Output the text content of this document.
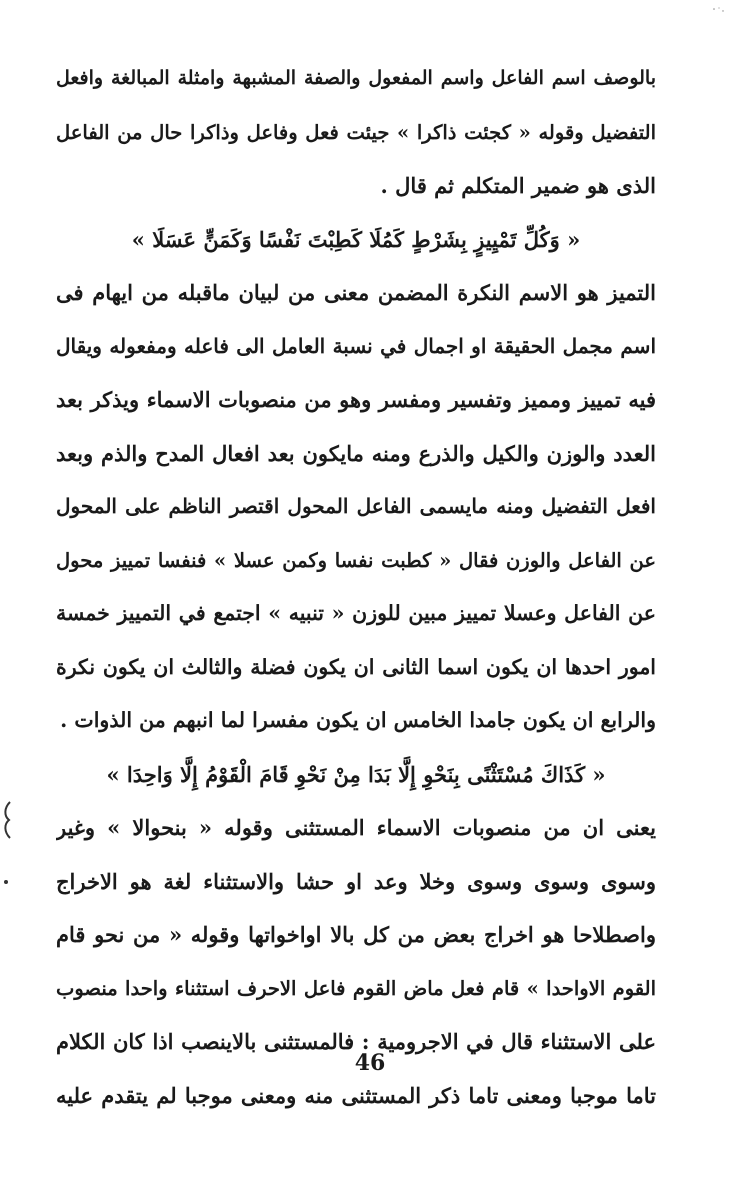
بالوصف اسم الفاعل واسم المفعول والصفة المشبهة وامثلة المبالغة وافعل
التفضيل وقوله « كجئت ذاكرا » جيئت فعل وفاعل وذاكرا حال من الفاعل
الذى هو ضمير المتكلم ثم قال .
« وَكُلِّ تَمْيِيزٍ بِشَرْطٍ كَمُلَا كَطِبْتَ نَفْسًا وَكَمَنٍّ عَسَلَا »
التميز هو الاسم النكرة المضمن معنى من لبيان ماقبله من ايهام فى
اسم مجمل الحقيقة او اجمال في نسبة العامل الى فاعله ومفعوله ويقال
فيه تمييز ومميز وتفسير ومفسر وهو من منصوبات الاسماء ويذكر بعد
العدد والوزن والكيل والذرع ومنه مايكون بعد افعال المدح والذم وبعد
افعل التفضيل ومنه مايسمى الفاعل المحول اقتصر الناظم على المحول
عن الفاعل والوزن فقال « كطبت نفسا وكمن عسلا » فنفسا تمييز محول
عن الفاعل وعسلا تمييز مبين للوزن « تنبيه » اجتمع في التمييز خمسة
امور احدها ان يكون اسما الثانى ان يكون فضلة والثالث ان يكون نكرة
والرابع ان يكون جامدا الخامس ان يكون مفسرا لما انبهم من الذوات .
« كَذَاكَ مُسْتَثْنًى بِنَحْوِ إِلَّا بَدَا مِنْ نَحْوِ قَامَ الْقَوْمُ إِلَّا وَاحِدَا »
يعنى ان من منصوبات الاسماء المستثنى وقوله « بنحوالا » وغير
وسوى وسوى وسوى وخلا وعد او حشا والاستثناء لغة هو الاخراج
واصطلاحا هو اخراج بعض من كل بالا اواخواتها وقوله « من نحو قام
القوم الاواحدا » قام فعل ماض القوم فاعل الاحرف استثناء واحدا منصوب
على الاستثناء قال في الاجرومية : فالمستثنى بالاينصب اذا كان الكلام
تاما موجبا ومعنى تاما ذكر المستثنى منه ومعنى موجبا لم يتقدم عليه
46
